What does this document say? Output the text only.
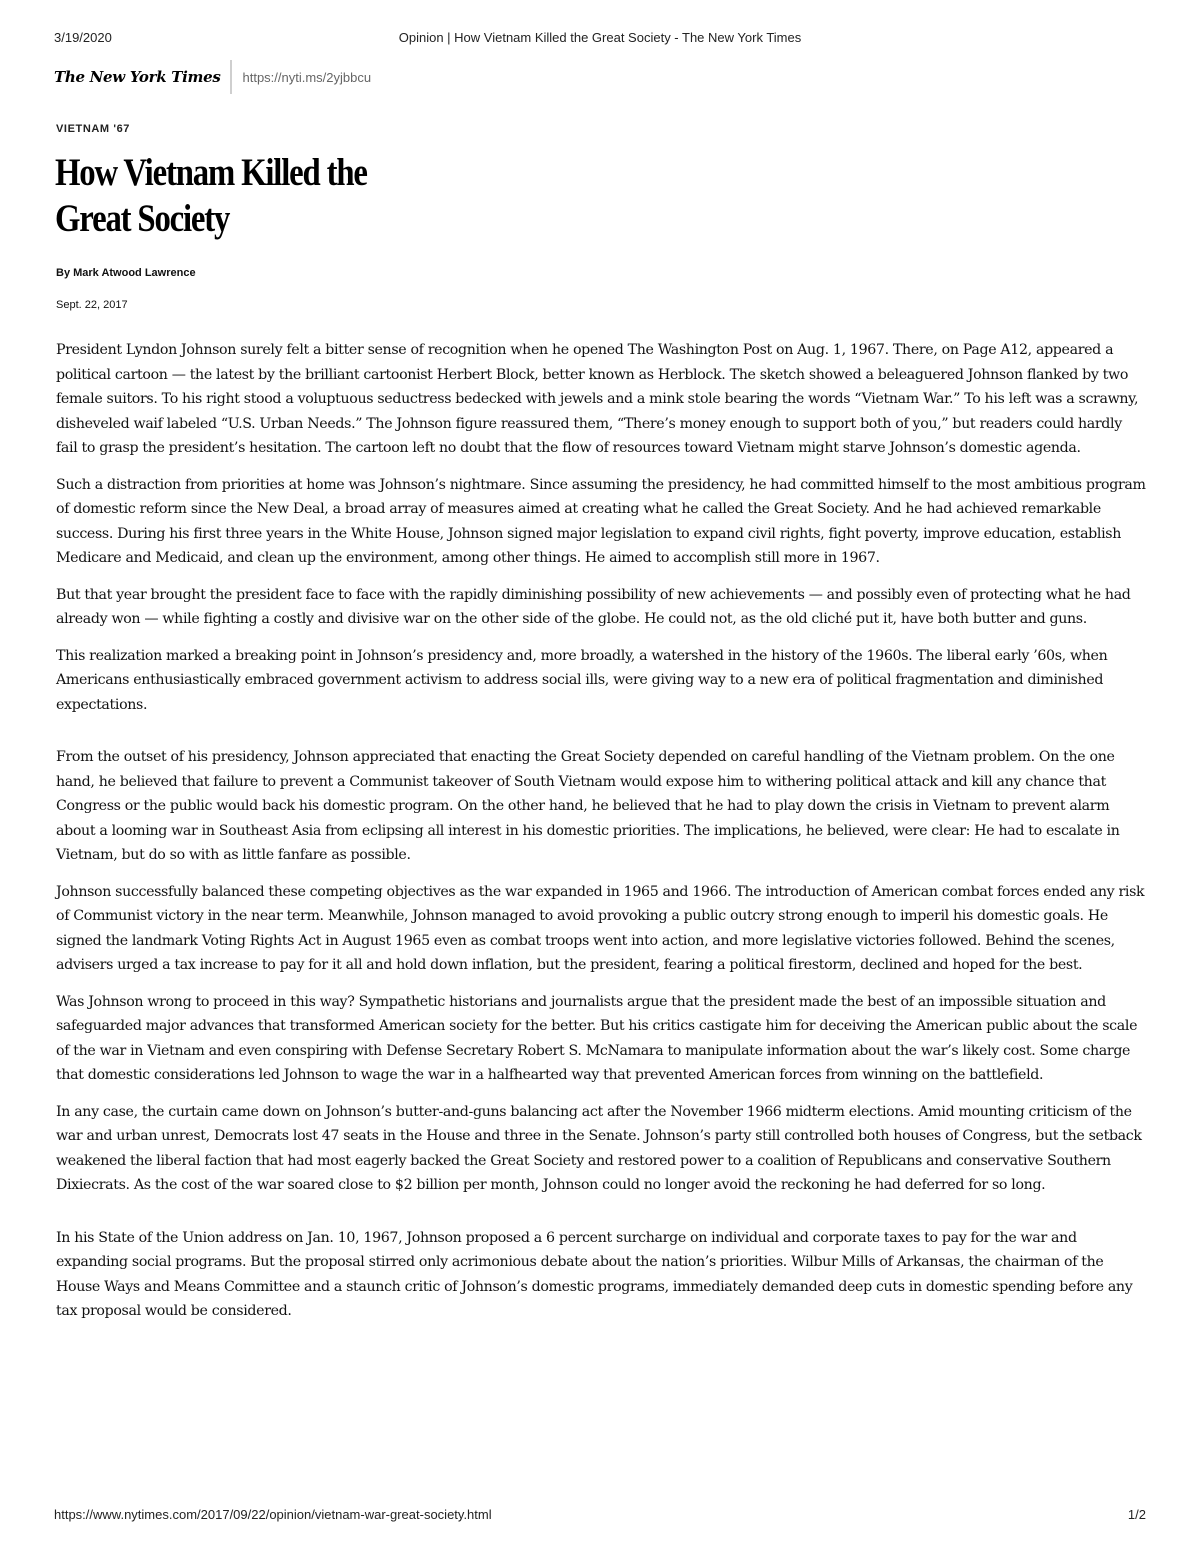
3/19/2020	Opinion | How Vietnam Killed the Great Society - The New York Times
The New York Times https://nyti.ms/2yjbbcu
VIETNAM '67
How Vietnam Killed the Great Society
By Mark Atwood Lawrence
Sept. 22, 2017

President Lyndon Johnson surely felt a bitter sense of recognition when he opened The Washington Post on Aug. 1, 1967. There, on Page A12, appeared a political cartoon — the latest by the brilliant cartoonist Herbert Block, better known as Herblock. The sketch showed a beleaguered Johnson flanked by two female suitors. To his right stood a voluptuous seductress bedecked with jewels and a mink stole bearing the words “Vietnam War.” To his left was a scrawny, disheveled waif labeled “U.S. Urban Needs.” The Johnson figure reassured them, “There’s money enough to support both of you,” but readers could hardly fail to grasp the president’s hesitation. The cartoon left no doubt that the flow of resources toward Vietnam might starve Johnson’s domestic agenda.

Such a distraction from priorities at home was Johnson’s nightmare. Since assuming the presidency, he had committed himself to the most ambitious program of domestic reform since the New Deal, a broad array of measures aimed at creating what he called the Great Society. And he had achieved remarkable success. During his first three years in the White House, Johnson signed major legislation to expand civil rights, fight poverty, improve education, establish Medicare and Medicaid, and clean up the environment, among other things. He aimed to accomplish still more in 1967.

But that year brought the president face to face with the rapidly diminishing possibility of new achievements — and possibly even of protecting what he had already won — while fighting a costly and divisive war on the other side of the globe. He could not, as the old cliché put it, have both butter and guns.

This realization marked a breaking point in Johnson’s presidency and, more broadly, a watershed in the history of the 1960s. The liberal early ’60s, when Americans enthusiastically embraced government activism to address social ills, were giving way to a new era of political fragmentation and diminished expectations.

From the outset of his presidency, Johnson appreciated that enacting the Great Society depended on careful handling of the Vietnam problem. On the one hand, he believed that failure to prevent a Communist takeover of South Vietnam would expose him to withering political attack and kill any chance that Congress or the public would back his domestic program. On the other hand, he believed that he had to play down the crisis in Vietnam to prevent alarm about a looming war in Southeast Asia from eclipsing all interest in his domestic priorities. The implications, he believed, were clear: He had to escalate in Vietnam, but do so with as little fanfare as possible.

Johnson successfully balanced these competing objectives as the war expanded in 1965 and 1966. The introduction of American combat forces ended any risk of Communist victory in the near term. Meanwhile, Johnson managed to avoid provoking a public outcry strong enough to imperil his domestic goals. He signed the landmark Voting Rights Act in August 1965 even as combat troops went into action, and more legislative victories followed. Behind the scenes, advisers urged a tax increase to pay for it all and hold down inflation, but the president, fearing a political firestorm, declined and hoped for the best.

Was Johnson wrong to proceed in this way? Sympathetic historians and journalists argue that the president made the best of an impossible situation and safeguarded major advances that transformed American society for the better. But his critics castigate him for deceiving the American public about the scale of the war in Vietnam and even conspiring with Defense Secretary Robert S. McNamara to manipulate information about the war’s likely cost. Some charge that domestic considerations led Johnson to wage the war in a halfhearted way that prevented American forces from winning on the battlefield.

In any case, the curtain came down on Johnson’s butter-and-guns balancing act after the November 1966 midterm elections. Amid mounting criticism of the war and urban unrest, Democrats lost 47 seats in the House and three in the Senate. Johnson’s party still controlled both houses of Congress, but the setback weakened the liberal faction that had most eagerly backed the Great Society and restored power to a coalition of Republicans and conservative Southern Dixiecrats. As the cost of the war soared close to $2 billion per month, Johnson could no longer avoid the reckoning he had deferred for so long.

In his State of the Union address on Jan. 10, 1967, Johnson proposed a 6 percent surcharge on individual and corporate taxes to pay for the war and expanding social programs. But the proposal stirred only acrimonious debate about the nation’s priorities. Wilbur Mills of Arkansas, the chairman of the House Ways and Means Committee and a staunch critic of Johnson’s domestic programs, immediately demanded deep cuts in domestic spending before any tax proposal would be considered.

https://www.nytimes.com/2017/09/22/opinion/vietnam-war-great-society.html	1/2
